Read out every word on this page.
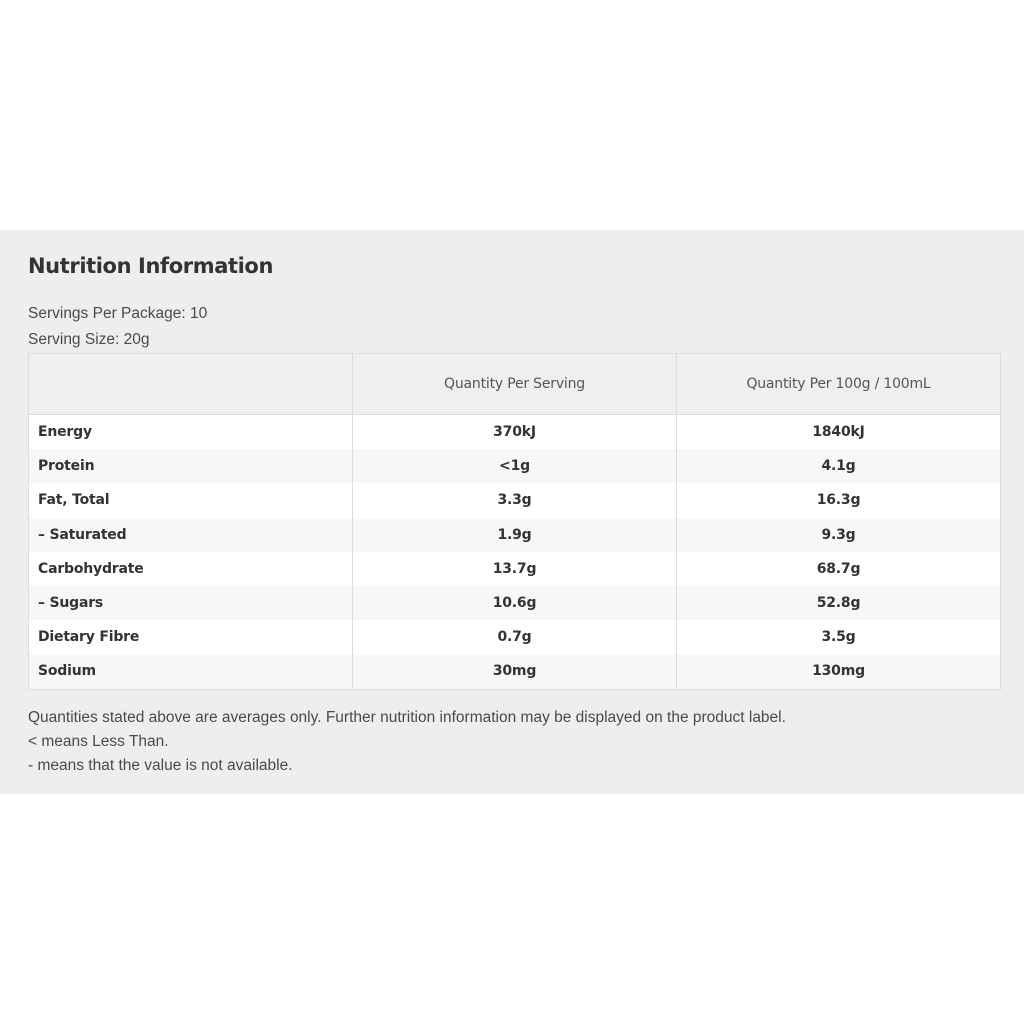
Nutrition Information
Servings Per Package: 10
Serving Size: 20g
	Quantity Per Serving	Quantity Per 100g / 100mL
Energy	370kJ	1840kJ
Protein	<1g	4.1g
Fat, Total	3.3g	16.3g
– Saturated	1.9g	9.3g
Carbohydrate	13.7g	68.7g
– Sugars	10.6g	52.8g
Dietary Fibre	0.7g	3.5g
Sodium	30mg	130mg
Quantities stated above are averages only. Further nutrition information may be displayed on the product label.
< means Less Than.
- means that the value is not available.
